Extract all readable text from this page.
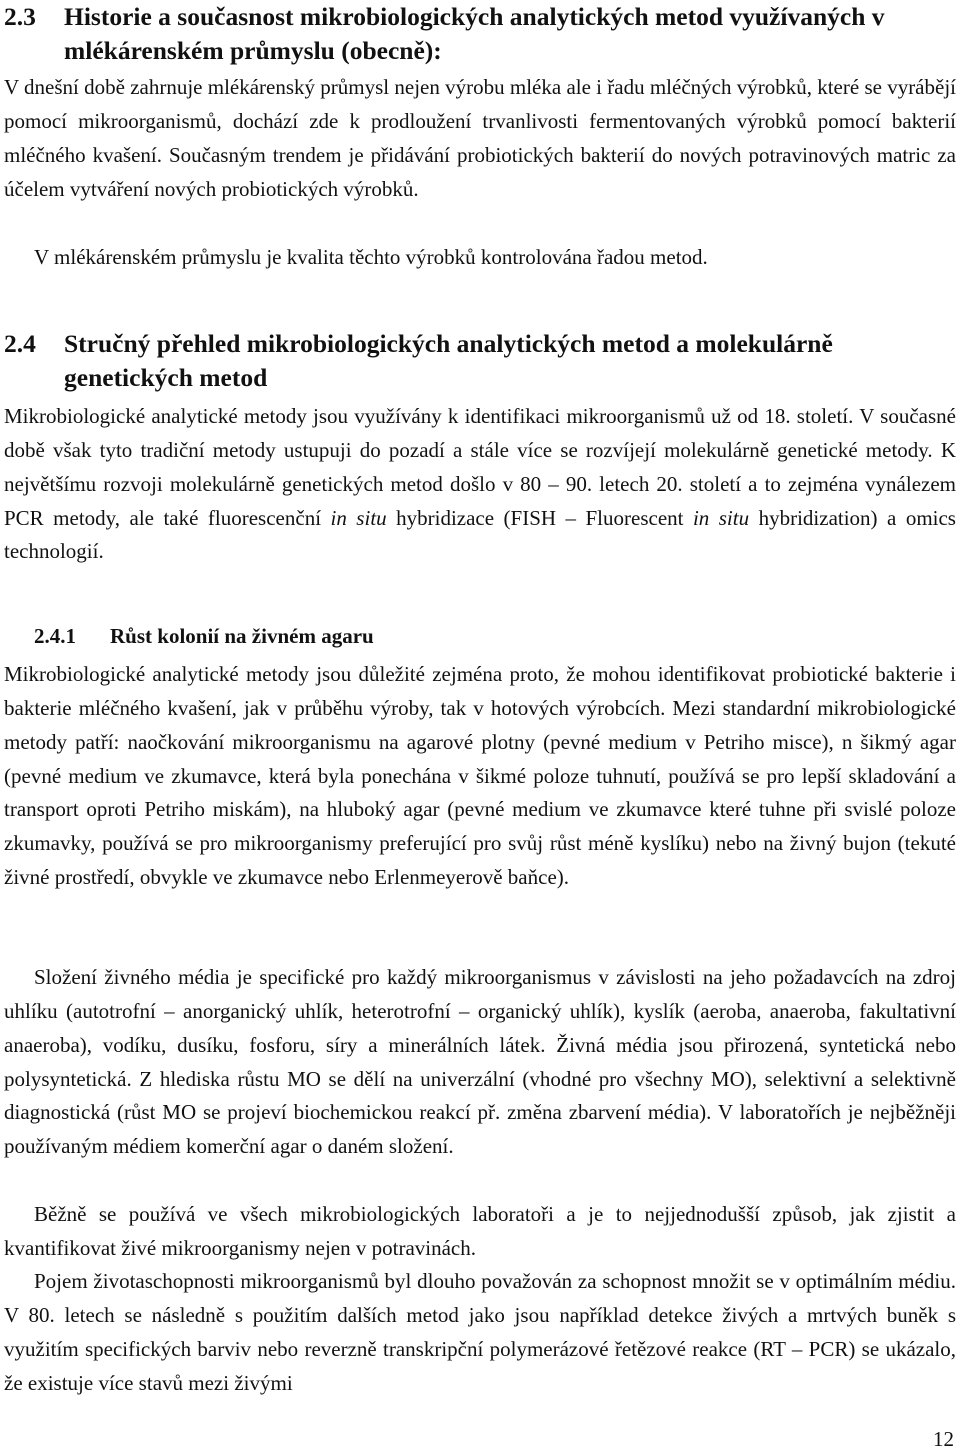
2.3 Historie a současnost mikrobiologických analytických metod využívaných v mlékárenském průmyslu (obecně):
V dnešní době zahrnuje mlékárenský průmysl nejen výrobu mléka ale i řadu mléčných výrobků, které se vyrábějí pomocí mikroorganismů, dochází zde k prodloužení trvanlivosti fermentovaných výrobků pomocí bakterií mléčného kvašení. Současným trendem je přidávání probiotických bakterií do nových potravinových matric za účelem vytváření nových probiotických výrobků.
V mlékárenském průmyslu je kvalita těchto výrobků kontrolována řadou metod.
2.4 Stručný přehled mikrobiologických analytických metod a molekulárně genetických metod
Mikrobiologické analytické metody jsou využívány k identifikaci mikroorganismů už od 18. století. V současné době však tyto tradiční metody ustupuji do pozadí a stále více se rozvíjejí molekulárně genetické metody. K největšímu rozvoji molekulárně genetických metod došlo v 80 – 90. letech 20. století a to zejména vynálezem PCR metody, ale také fluorescenční in situ hybridizace (FISH – Fluorescent in situ hybridization) a omics technologií.
2.4.1 Růst kolonií na živném agaru
Mikrobiologické analytické metody jsou důležité zejména proto, že mohou identifikovat probiotické bakterie i bakterie mléčného kvašení, jak v průběhu výroby, tak v hotových výrobcích. Mezi standardní mikrobiologické metody patří: naočkování mikroorganismu na agarové plotny (pevné medium v Petriho misce), n šikmý agar (pevné medium ve zkumavce, která byla ponechána v šikmé poloze tuhnutí, používá se pro lepší skladování a transport oproti Petriho miskám), na hluboký agar (pevné medium ve zkumavce které tuhne při svislé poloze zkumavky, používá se pro mikroorganismy preferující pro svůj růst méně kyslíku) nebo na živný bujon (tekuté živné prostředí, obvykle ve zkumavce nebo Erlenmeyerově baňce).
Složení živného média je specifické pro každý mikroorganismus v závislosti na jeho požadavcích na zdroj uhlíku (autotrofní – anorganický uhlík, heterotrofní – organický uhlík), kyslík (aeroba, anaeroba, fakultativní anaeroba), vodíku, dusíku, fosforu, síry a minerálních látek. Živná média jsou přirozená, syntetická nebo polysyntetická. Z hlediska růstu MO se dělí na univerzální (vhodné pro všechny MO), selektivní a selektivně diagnostická (růst MO se projeví biochemickou reakcí př. změna zbarvení média). V laboratořích je nejběžněji používaným médiem komerční agar o daném složení.
Běžně se používá ve všech mikrobiologických laboratoři a je to nejjednodušší způsob, jak zjistit a kvantifikovat živé mikroorganismy nejen v potravinách.
Pojem životaschopnosti mikroorganismů byl dlouho považován za schopnost množit se v optimálním médiu. V 80. letech se následně s použitím dalších metod jako jsou například detekce živých a mrtvých buněk s využitím specifických barviv nebo reverzně transkripční polymerázové řetězové reakce (RT – PCR) se ukázalo, že existuje více stavů mezi živými
12
